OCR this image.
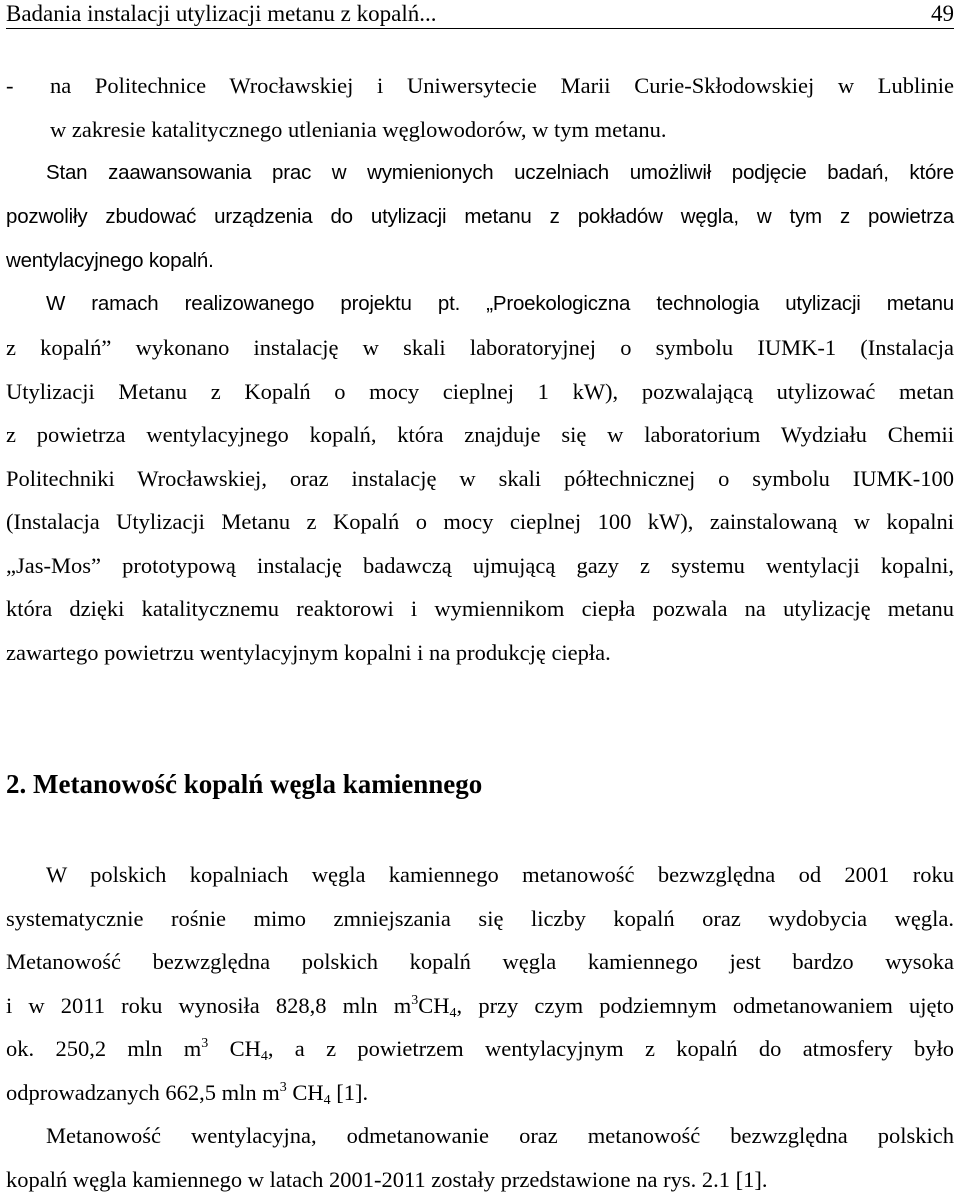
Badania instalacji utylizacji metanu z kopalń...	49
-	na Politechnice Wrocławskiej i Uniwersytecie Marii Curie-Skłodowskiej w Lublinie
w zakresie katalitycznego utleniania węglowodorów, w tym metanu.
Stan zaawansowania prac w wymienionych uczelniach umożliwił podjęcie badań, które
pozwoliły zbudować urządzenia do utylizacji metanu z pokładów węgla, w tym z powietrza
wentylacyjnego kopalń.
W ramach realizowanego projektu pt. „Proekologiczna technologia utylizacji metanu
z kopalń” wykonano instalację w skali laboratoryjnej o symbolu IUMK-1 (Instalacja
Utylizacji Metanu z Kopalń o mocy cieplnej 1 kW), pozwalającą utylizować metan
z powietrza wentylacyjnego kopalń, która znajduje się w laboratorium Wydziału Chemii
Politechniki Wrocławskiej, oraz instalację w skali półtechnicznej o symbolu IUMK-100
(Instalacja Utylizacji Metanu z Kopalń o mocy cieplnej 100 kW), zainstalowaną w kopalni
„Jas-Mos” prototypową instalację badawczą ujmującą gazy z systemu wentylacji kopalni,
która dzięki katalitycznemu reaktorowi i wymiennikom ciepła pozwala na utylizację metanu
zawartego powietrzu wentylacyjnym kopalni i na produkcję ciepła.
2. Metanowość kopalń węgla kamiennego
W polskich kopalniach węgla kamiennego metanowość bezwzględna od 2001 roku
systematycznie rośnie mimo zmniejszania się liczby kopalń oraz wydobycia węgla.
Metanowość bezwzględna polskich kopalń węgla kamiennego jest bardzo wysoka
i w 2011 roku wynosiła 828,8 mln $m^3CH_4$, przy czym podziemnym odmetanowaniem ujęto
ok. 250,2 mln $m^3$ $CH_4$, a z powietrzem wentylacyjnym z kopalń do atmosfery było
odprowadzanych 662,5 mln $m^3$ $CH_4$ [1].
Metanowość wentylacyjna, odmetanowanie oraz metanowość bezwzględna polskich
kopalń węgla kamiennego w latach 2001-2011 zostały przedstawione na rys. 2.1 [1].
